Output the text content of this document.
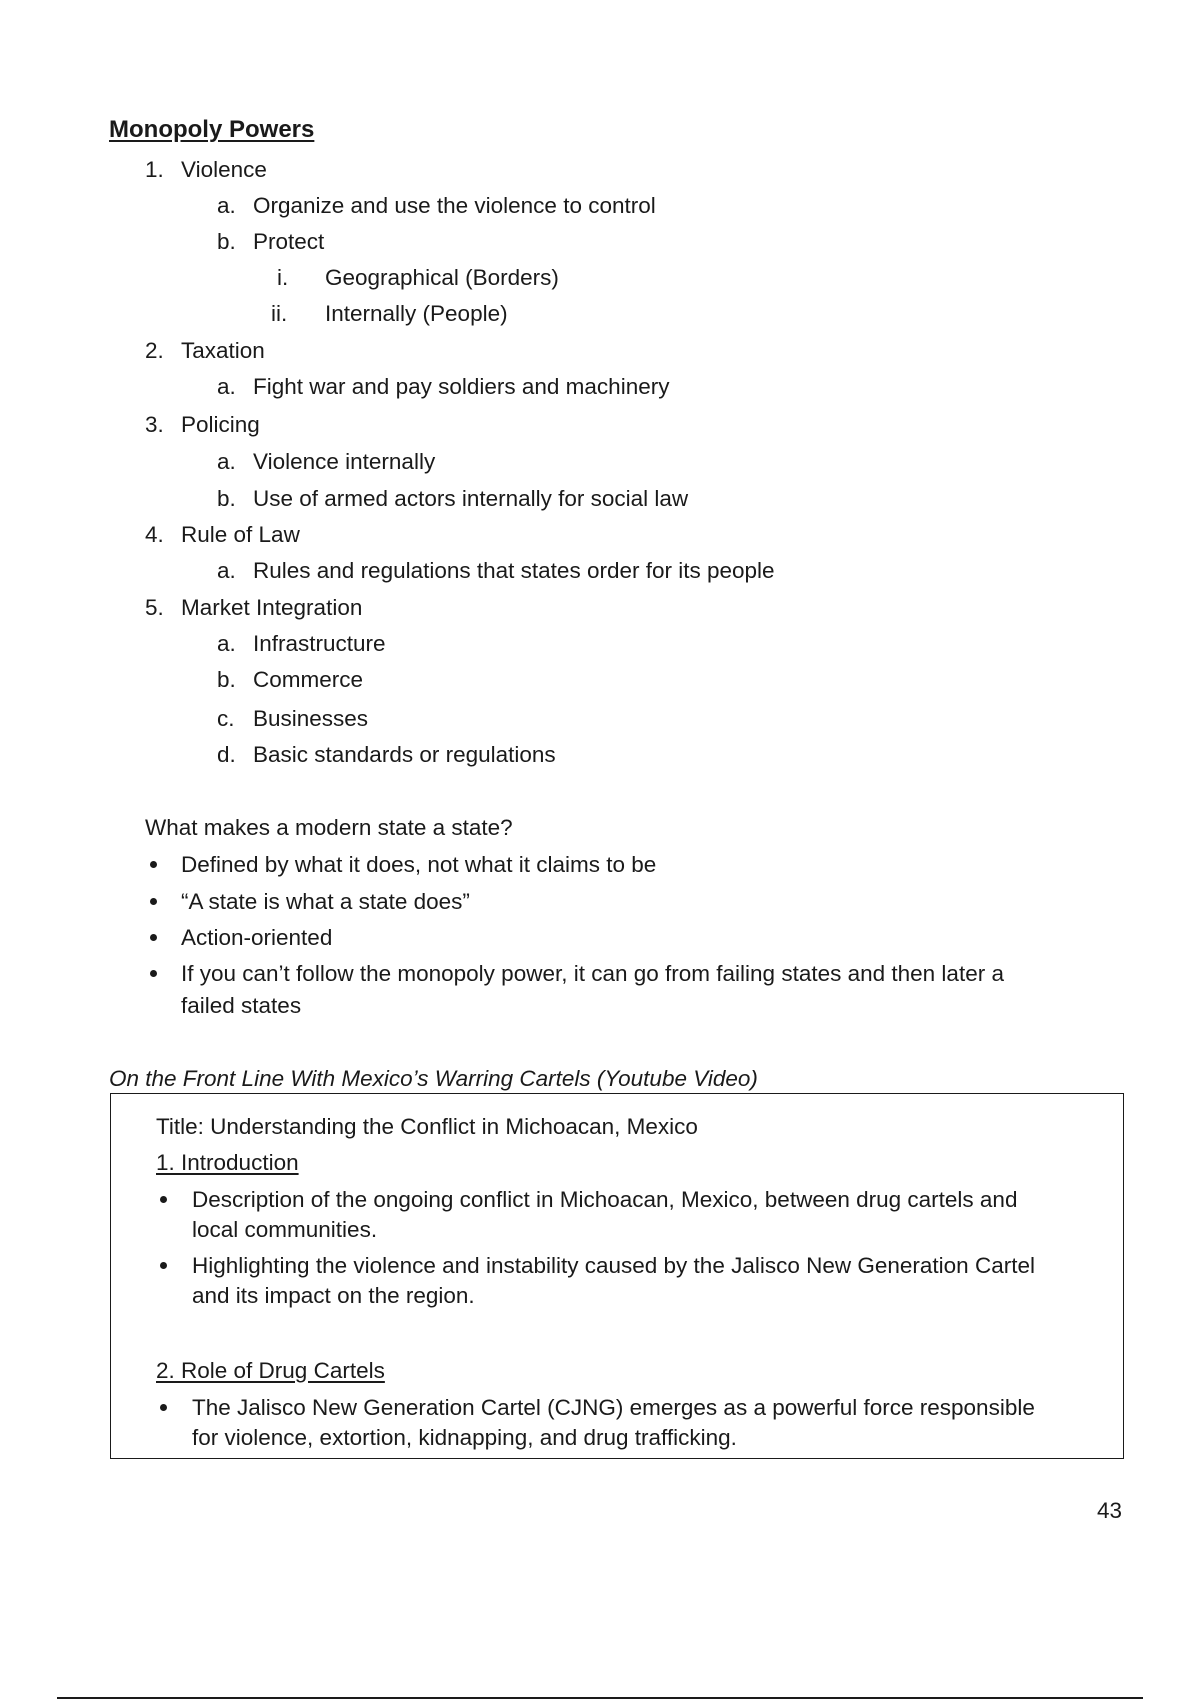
Monopoly Powers
1. Violence
a. Organize and use the violence to control
b. Protect
i. Geographical (Borders)
ii. Internally (People)
2. Taxation
a. Fight war and pay soldiers and machinery
3. Policing
a. Violence internally
b. Use of armed actors internally for social law
4. Rule of Law
a. Rules and regulations that states order for its people
5. Market Integration
a. Infrastructure
b. Commerce
c. Businesses
d. Basic standards or regulations
What makes a modern state a state?
Defined by what it does, not what it claims to be
“A state is what a state does”
Action-oriented
If you can’t follow the monopoly power, it can go from failing states and then later a
failed states
On the Front Line With Mexico’s Warring Cartels (Youtube Video)
Title: Understanding the Conflict in Michoacan, Mexico
1. Introduction
Description of the ongoing conflict in Michoacan, Mexico, between drug cartels and
local communities.
Highlighting the violence and instability caused by the Jalisco New Generation Cartel
and its impact on the region.
2. Role of Drug Cartels
The Jalisco New Generation Cartel (CJNG) emerges as a powerful force responsible
for violence, extortion, kidnapping, and drug trafficking.
43
